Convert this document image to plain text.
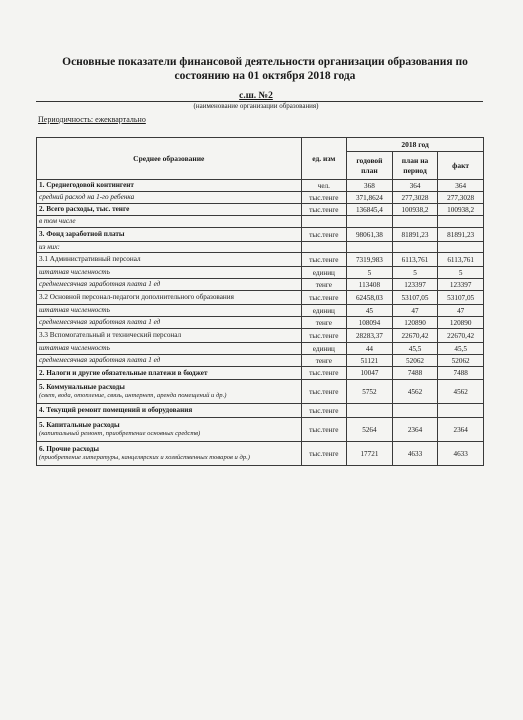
Основные показатели финансовой деятельности организации образования по состоянию на 01 октября 2018 года
с.ш. №2
(наименование организации образования)
Периодичность: ежеквартально
Среднее образование	ед. изм	2018 год		
		годовой план	план на период	факт
1. Среднегодовой контингент	чел.	368	364	364
средний расход на 1-го ребенка	тыс.тенге	371,8624	277,3028	277,3028
2. Всего расходы, тыс. тенге	тыс.тенге	136845,4	100938,2	100938,2
в том числе				
3. Фонд заработной платы	тыс.тенге	98061,38	81891,23	81891,23
из них:				
3.1 Административный персонал	тыс.тенге	7319,983	6113,761	6113,761
штатная численность	единиц	5	5	5
среднемесячная заработная плата 1 ед	тенге	113408	123397	123397
3.2 Основной персонал-педагоги дополнительного образования	тыс.тенге	62458,03	53107,05	53107,05
штатная численность	единиц	45	47	47
среднемесячная заработная плата 1 ед	тенге	108094	120890	120890
3.3 Вспомогательный и технический персонал	тыс.тенге	28283,37	22670,42	22670,42
штатная численность	единиц	44	45,5	45,5
среднемесячная заработная плата 1 ед	тенге	51121	52062	52062
2. Налоги и другие обязательные платежи в бюджет	тыс.тенге	10047	7488	7488
5. Коммунальные расходы
(свет, вода, отопление, связь, интернет, аренда помещений и др.)	тыс.тенге	5752	4562	4562
4. Текущий ремонт помещений и оборудования	тыс.тенге			
5. Капитальные расходы
(капитальный ремонт, приобретение основных средств)	тыс.тенге	5264	2364	2364
6. Прочие расходы
(приобретение литературы, канцелярских и хозяйственных товаров и др.)	тыс.тенге	17721	4633	4633
